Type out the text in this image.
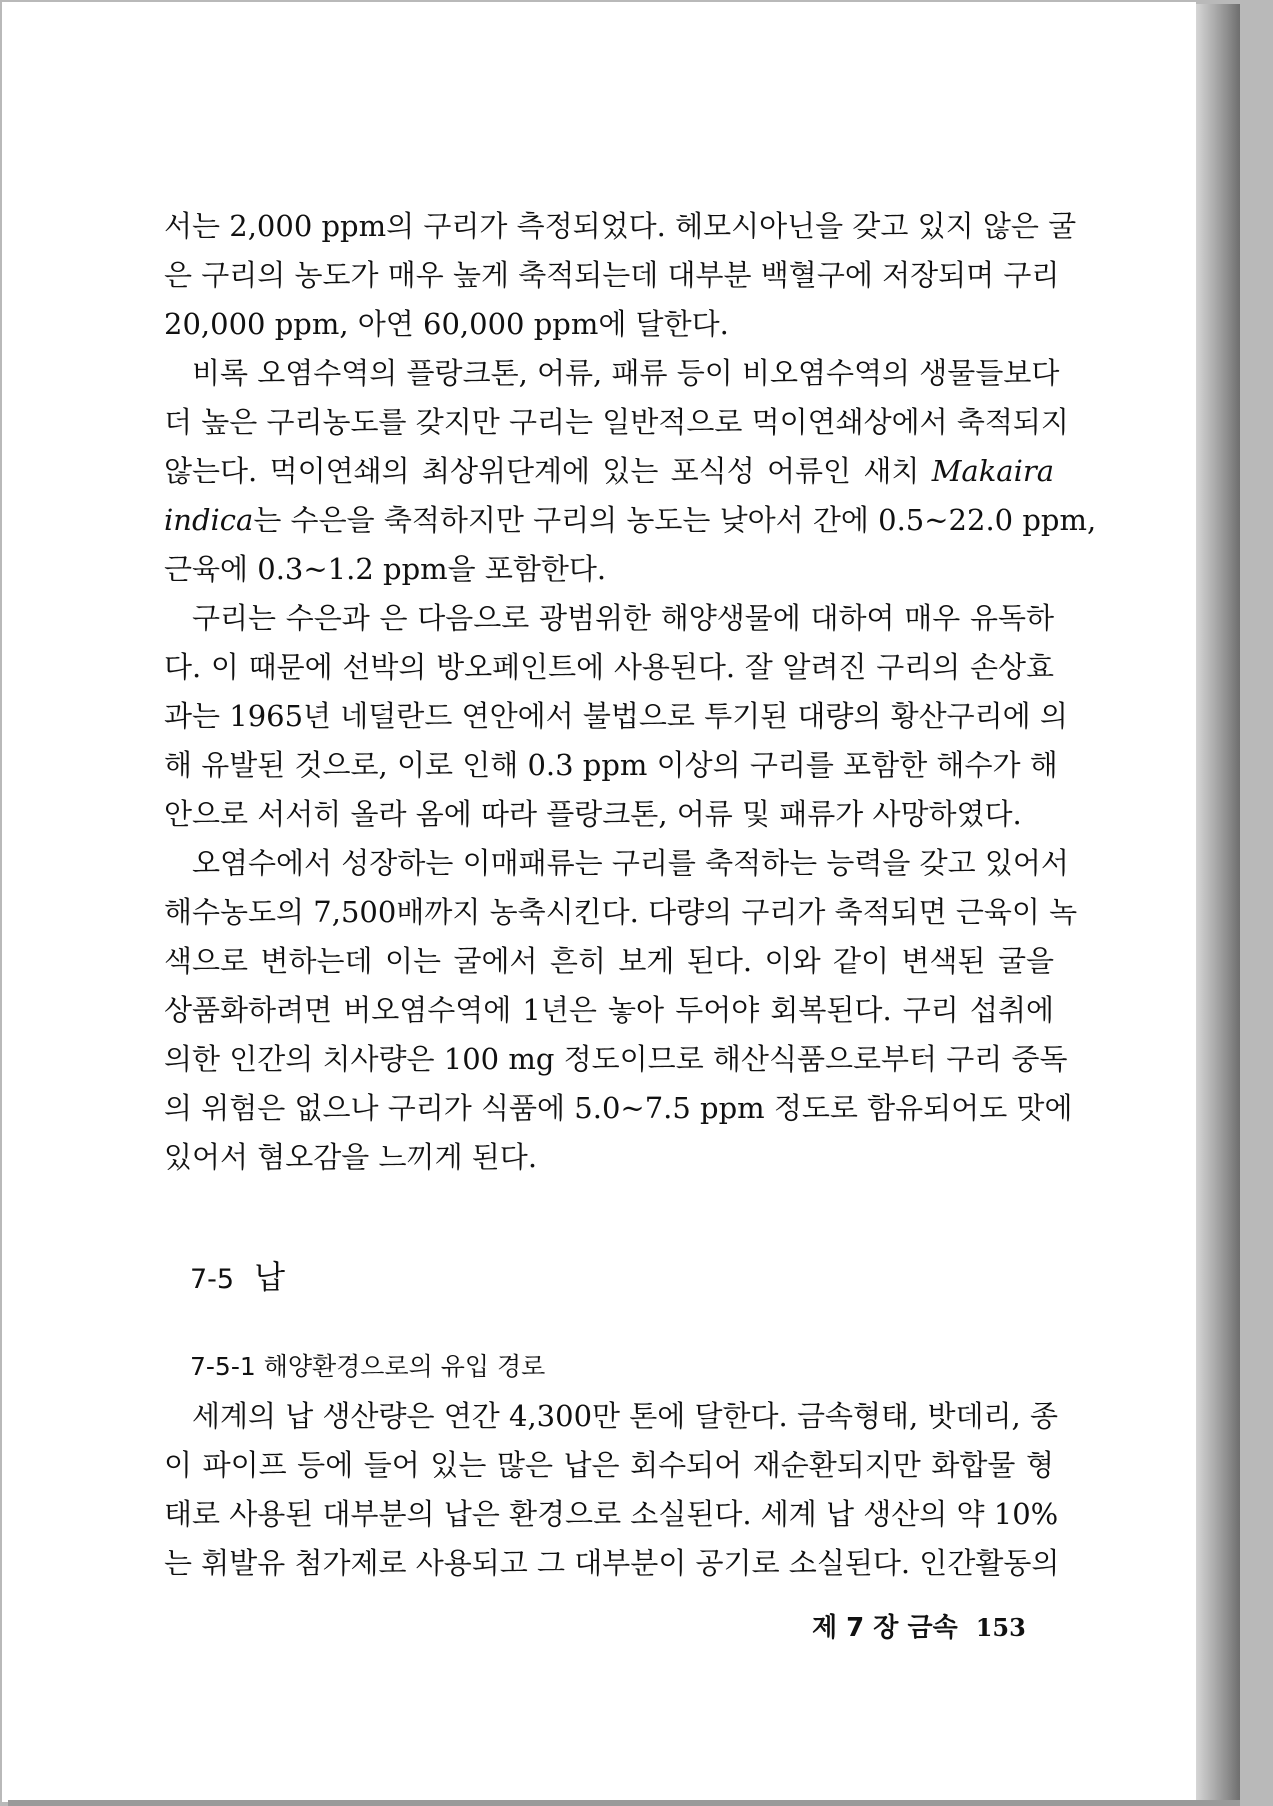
서는 2,000 ppm의 구리가 측정되었다. 헤모시아닌을 갖고 있지 않은 굴
은 구리의 농도가 매우 높게 축적되는데 대부분 백혈구에 저장되며 구리
20,000 ppm, 아연 60,000 ppm에 달한다.
비록 오염수역의 플랑크톤, 어류, 패류 등이 비오염수역의 생물들보다
더 높은 구리농도를 갖지만 구리는 일반적으로 먹이연쇄상에서 축적되지
않는다. 먹이연쇄의 최상위단계에 있는 포식성 어류인 새치 Makaira
indica는 수은을 축적하지만 구리의 농도는 낮아서 간에 0.5~22.0 ppm,
근육에 0.3~1.2 ppm을 포함한다.
구리는 수은과 은 다음으로 광범위한 해양생물에 대하여 매우 유독하
다. 이 때문에 선박의 방오페인트에 사용된다. 잘 알려진 구리의 손상효
과는 1965년 네덜란드 연안에서 불법으로 투기된 대량의 황산구리에 의
해 유발된 것으로, 이로 인해 0.3 ppm 이상의 구리를 포함한 해수가 해
안으로 서서히 올라 옴에 따라 플랑크톤, 어류 및 패류가 사망하였다.
오염수에서 성장하는 이매패류는 구리를 축적하는 능력을 갖고 있어서
해수농도의 7,500배까지 농축시킨다. 다량의 구리가 축적되면 근육이 녹
색으로 변하는데 이는 굴에서 흔히 보게 된다. 이와 같이 변색된 굴을
상품화하려면 버오염수역에 1년은 놓아 두어야 회복된다. 구리 섭취에
의한 인간의 치사량은 100 mg 정도이므로 해산식품으로부터 구리 중독
의 위험은 없으나 구리가 식품에 5.0~7.5 ppm 정도로 함유되어도 맛에
있어서 혐오감을 느끼게 된다.
7-5 납
7-5-1 해양환경으로의 유입 경로
세계의 납 생산량은 연간 4,300만 톤에 달한다. 금속형태, 밧데리, 종
이 파이프 등에 들어 있는 많은 납은 회수되어 재순환되지만 화합물 형
태로 사용된 대부분의 납은 환경으로 소실된다. 세계 납 생산의 약 10%
는 휘발유 첨가제로 사용되고 그 대부분이 공기로 소실된다. 인간활동의
제 7 장 금속 153
